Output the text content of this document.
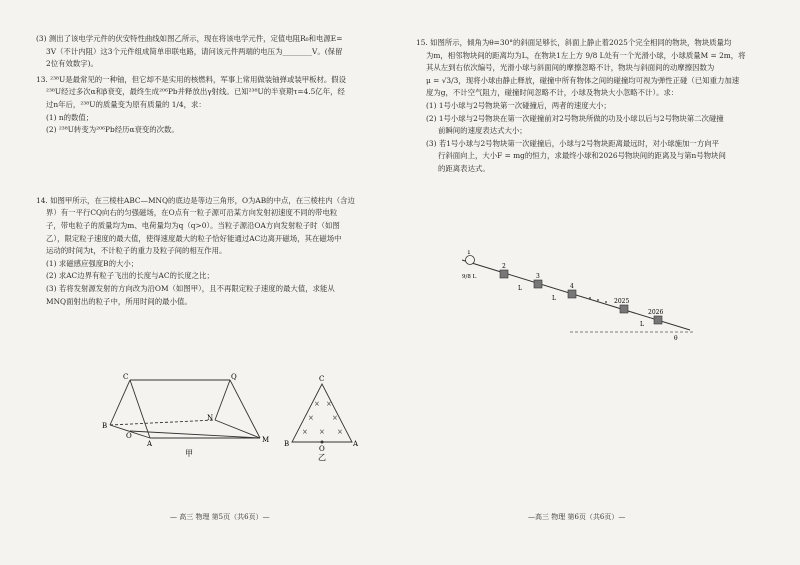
(3) 测出了该电学元件的伏安特性曲线如图乙所示，现在将该电学元件，定值电阻R₀和电源E=

3V（不计内阻）这3个元件组成简单串联电路，请问该元件两端的电压为________V。(保留

2位有效数字)。

13. ²³⁸U是最常见的一种铀，但它却不是实用的核燃料，军事上常用做装铀弹或装甲板材。假设

²³⁸U经过多次α和β衰变，最终生成²⁰⁶Pb并释放出γ射线。已知²³⁸U的半衰期τ=4.5亿年，经

过n年后，²³⁸U的质量变为原有质量的 1/4，求：

(1) n的数值；

(2) ²³⁸U转变为²⁰⁶Pb经历α衰变的次数。

14. 如图甲所示，在三棱柱ABC—MNQ的底边是等边三角形，O为AB的中点，在三棱柱内（含边

界）有一平行CQ向右的匀强磁场，在O点有一粒子源可沿某方向发射初速度不同的带电粒

子，带电粒子的质量均为m、电荷量均为q（q>0）。当粒子源沿OA方向发射粒子时（如图

乙），限定粒子速度的最大值，使得速度最大的粒子恰好能通过AC边离开磁场，其在磁场中

运动的时间为t，不计粒子的重力及粒子间的相互作用。

(1) 求磁感应强度B的大小；

(2) 求AC边界有粒子飞出的长度与AC的长度之比；

(3) 若将发射源发射的方向改为沿OM（如图甲），且不再限定粒子速度的最大值，求能从

MNQ面射出的粒子中，所用时间的最小值。

C	Q
N
B
O
A	M
甲
× ×
×	×
× × ×
C
B
O
A
乙
— 高三 物理 第5页（共6页）—

15. 如图所示，倾角为θ=30°的斜面足够长，斜面上静止着2025个完全相同的物块，物块质量均

为m，相邻物块间的距离均为L，在物块1左上方 9/8 L处有一个光滑小球，小球质量M = 2m，将

其从左到右依次编号，光滑小球与斜面间的摩擦忽略不计，物块与斜面间的动摩擦因数为

μ = √3/3，现将小球由静止释放，碰撞中所有物体之间的碰撞均可视为弹性正碰（已知重力加速

度为g，不计空气阻力，碰撞时间忽略不计，小球及物块大小忽略不计）。求：

(1) 1号小球与2号物块第一次碰撞后，两者的速度大小；

(2) 1号小球与2号物块在第一次碰撞前对2号物块所做的功及小球以后与2号物块第二次碰撞

前瞬间的速度表达式大小；

(3) 若1号小球与2号物块第一次碰撞后，小球与2号物块距离最远时，对小球施加一方向平

行斜面向上，大小F = mg的恒力，求最终小球和2026号物块间的距离及与第n号物块间

的距离表达式。

1
2
3
4
2025
2026
9/8 L
L
L
L
θ
—高三 物理 第6页（共6页）—
